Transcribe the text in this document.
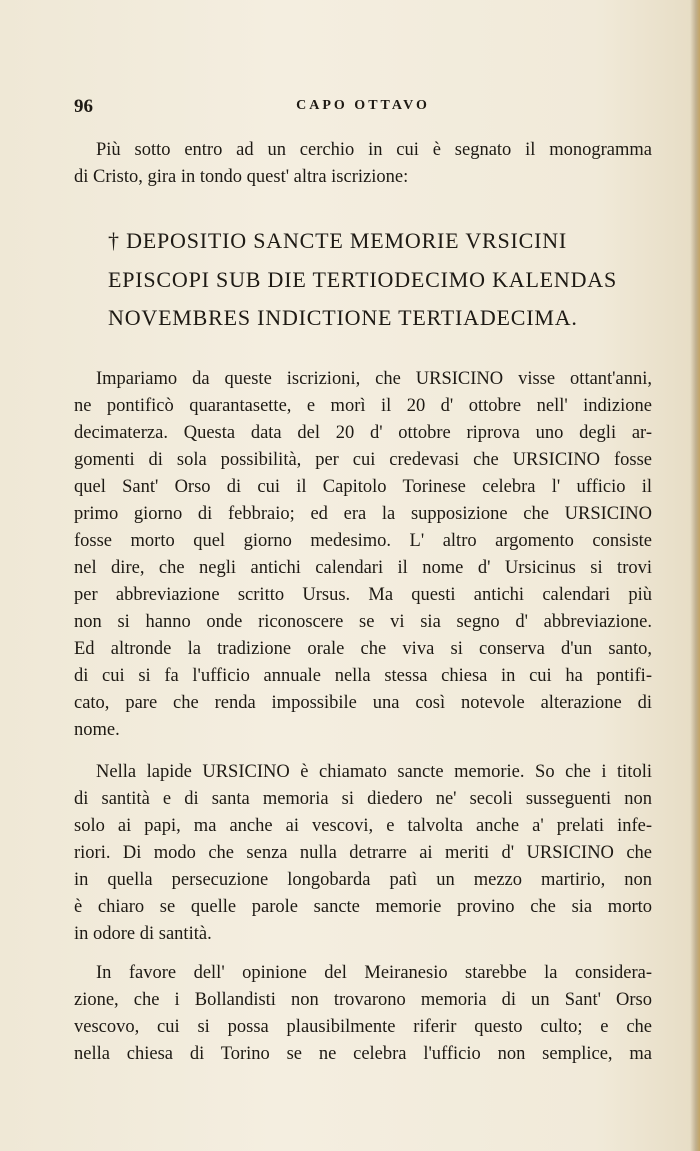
96	CAPO OTTAVO
Più sotto entro ad un cerchio in cui è segnato il monogramma
di Cristo, gira in tondo quest' altra iscrizione:
† DEPOSITIO SANCTE MEMORIE VRSICINI
EPISCOPI SUB DIE TERTIODECIMO KALENDAS
NOVEMBRES INDICTIONE TERTIADECIMA.
Impariamo da queste iscrizioni, che URSICINO visse ottant'anni,
ne pontificò quarantasette, e morì il 20 d' ottobre nell' indizione
decimaterza. Questa data del 20 d' ottobre riprova uno degli ar-
gomenti di sola possibilità, per cui credevasi che URSICINO fosse
quel Sant' Orso di cui il Capitolo Torinese celebra l' ufficio il
primo giorno di febbraio; ed era la supposizione che URSICINO
fosse morto quel giorno medesimo. L' altro argomento consiste
nel dire, che negli antichi calendari il nome d' Ursicinus si trovi
per abbreviazione scritto Ursus. Ma questi antichi calendari più
non si hanno onde riconoscere se vi sia segno d' abbreviazione.
Ed altronde la tradizione orale che viva si conserva d'un santo,
di cui si fa l'ufficio annuale nella stessa chiesa in cui ha pontifi-
cato, pare che renda impossibile una così notevole alterazione di
nome.
Nella lapide URSICINO è chiamato sancte memorie. So che i titoli
di santità e di santa memoria si diedero ne' secoli susseguenti non
solo ai papi, ma anche ai vescovi, e talvolta anche a' prelati infe-
riori. Di modo che senza nulla detrarre ai meriti d' URSICINO che
in quella persecuzione longobarda patì un mezzo martirio, non
è chiaro se quelle parole sancte memorie provino che sia morto
in odore di santità.
In favore dell' opinione del Meiranesio starebbe la considera-
zione, che i Bollandisti non trovarono memoria di un Sant' Orso
vescovo, cui si possa plausibilmente riferir questo culto; e che
nella chiesa di Torino se ne celebra l'ufficio non semplice, ma
